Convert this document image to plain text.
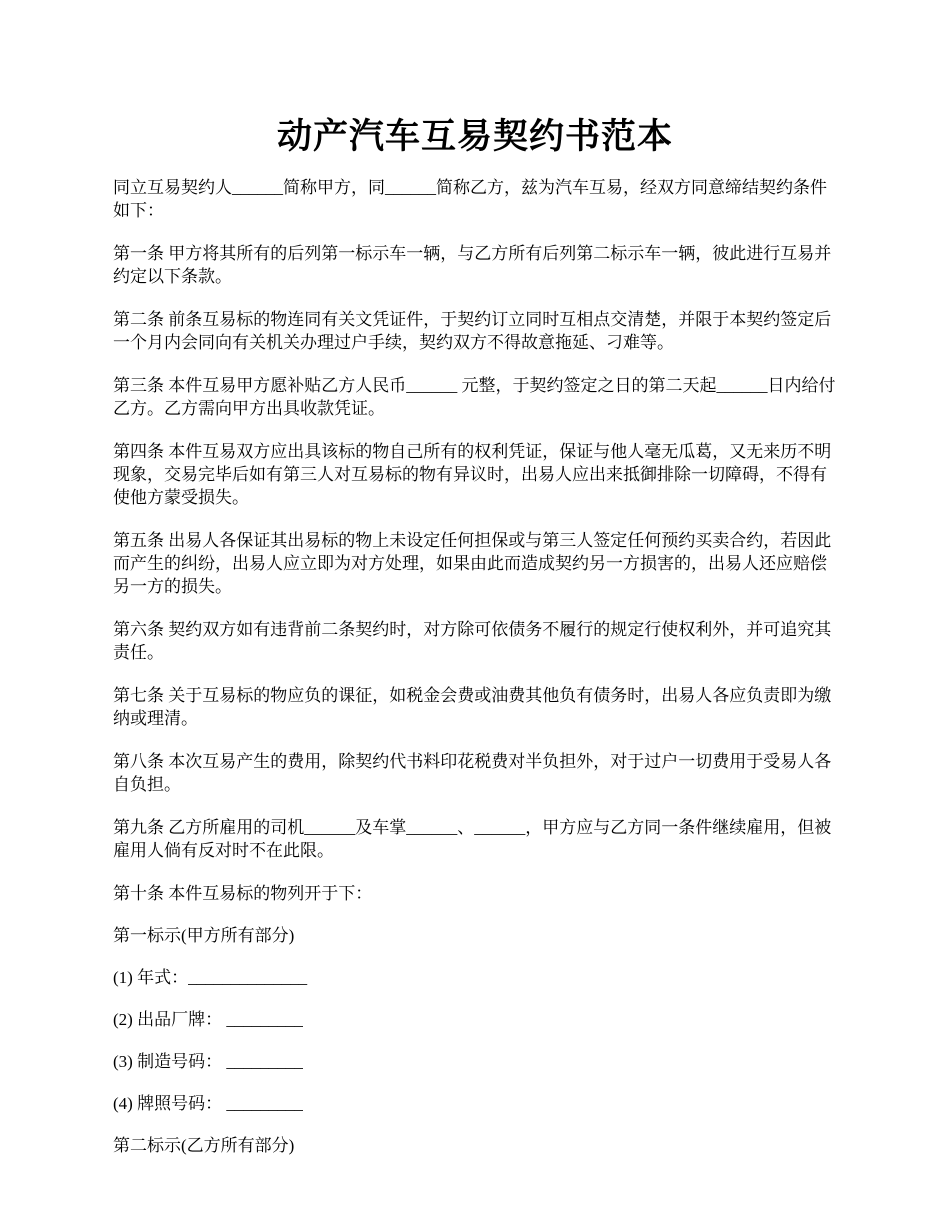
动产汽车互易契约书范本

同立互易契约人______简称甲方，同______简称乙方，兹为汽车互易，经双方同意缔结契约条件如下：

第一条 甲方将其所有的后列第一标示车一辆，与乙方所有后列第二标示车一辆，彼此进行互易并约定以下条款。

第二条 前条互易标的物连同有关文凭证件，于契约订立同时互相点交清楚，并限于本契约签定后一个月内会同向有关机关办理过户手续，契约双方不得故意拖延、刁难等。

第三条 本件互易甲方愿补贴乙方人民币______ 元整，于契约签定之日的第二天起______日内给付乙方。乙方需向甲方出具收款凭证。

第四条 本件互易双方应出具该标的物自己所有的权利凭证，保证与他人毫无瓜葛，又无来历不明现象，交易完毕后如有第三人对互易标的物有异议时，出易人应出来抵御排除一切障碍，不得有使他方蒙受损失。

第五条 出易人各保证其出易标的物上未设定任何担保或与第三人签定任何预约买卖合约，若因此而产生的纠纷，出易人应立即为对方处理，如果由此而造成契约另一方损害的，出易人还应赔偿另一方的损失。

第六条 契约双方如有违背前二条契约时，对方除可依债务不履行的规定行使权利外，并可追究其责任。

第七条 关于互易标的物应负的课征，如税金会费或油费其他负有债务时，出易人各应负责即为缴纳或理清。

第八条 本次互易产生的费用，除契约代书料印花税费对半负担外，对于过户一切费用于受易人各自负担。

第九条 乙方所雇用的司机______及车掌______、______，甲方应与乙方同一条件继续雇用，但被雇用人倘有反对时不在此限。

第十条 本件互易标的物列开于下：

第一标示(甲方所有部分)

(1) 年式：______________

(2) 出品厂牌： _________

(3) 制造号码： _________

(4) 牌照号码： _________

第二标示(乙方所有部分)
